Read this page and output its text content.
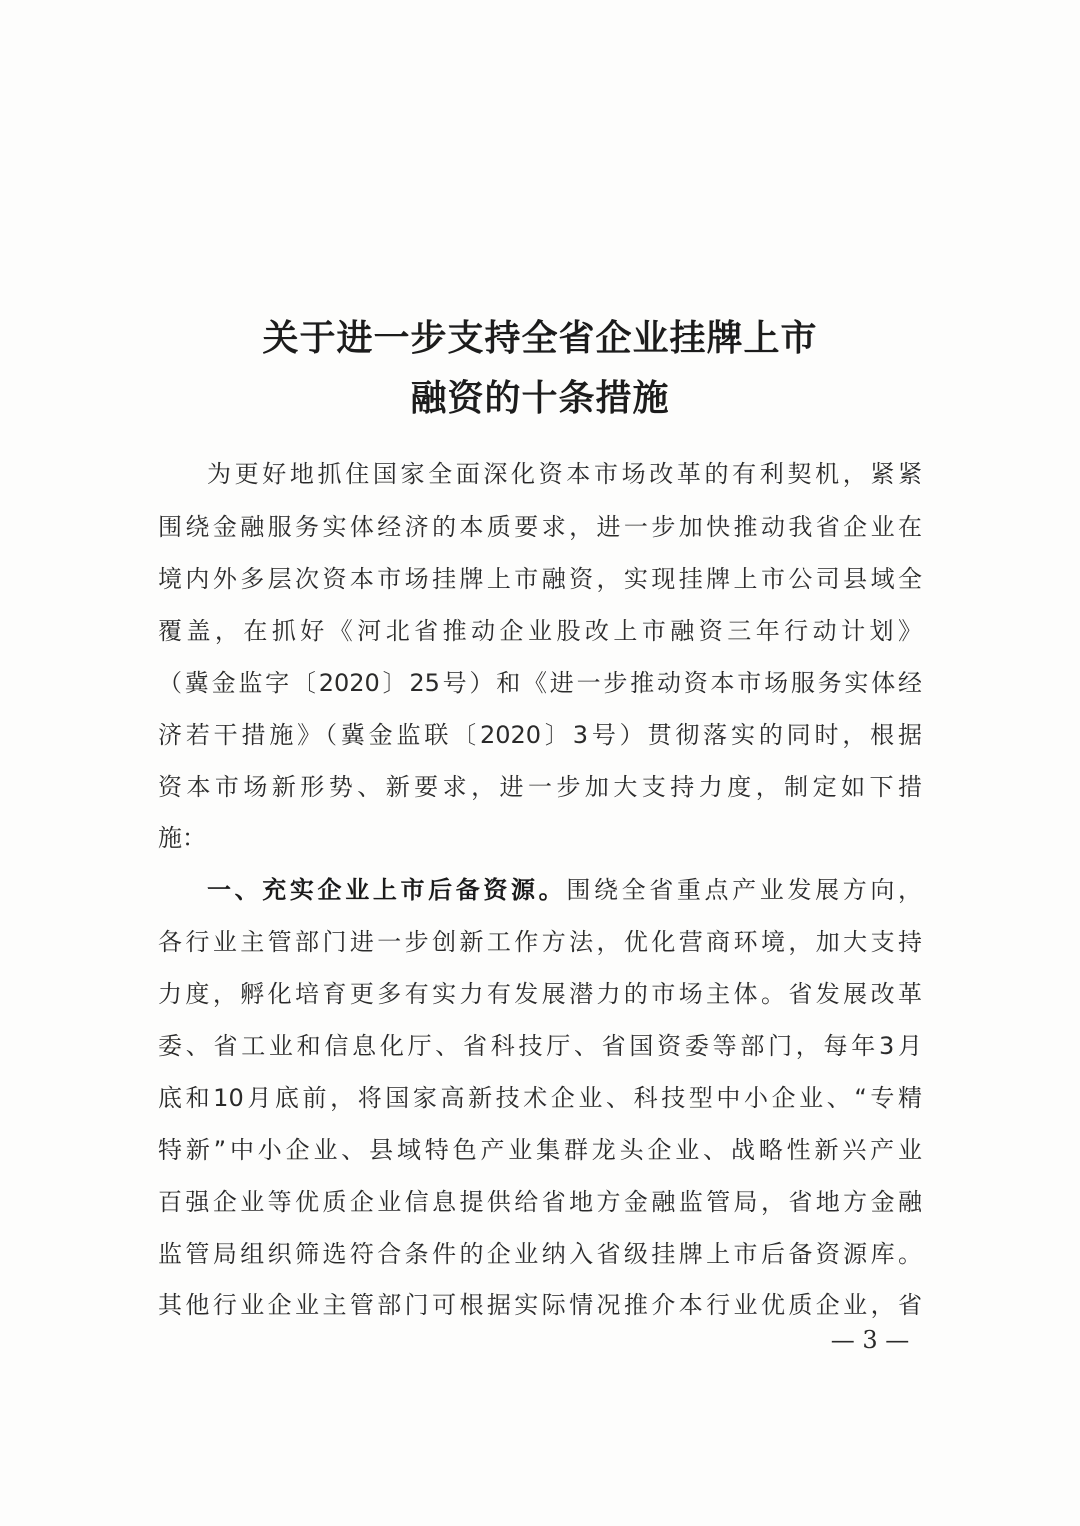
关于进一步支持全省企业挂牌上市
融资的十条措施
为更好地抓住国家全面深化资本市场改革的有利契机，紧紧
围绕金融服务实体经济的本质要求，进一步加快推动我省企业在
境内外多层次资本市场挂牌上市融资，实现挂牌上市公司县域全
覆盖，在抓好《河北省推动企业股改上市融资三年行动计划》
（冀金监字〔2020〕25号）和《进一步推动资本市场服务实体经
济若干措施》（冀金监联〔2020〕3号）贯彻落实的同时，根据
资本市场新形势、新要求，进一步加大支持力度，制定如下措
施：
一、充实企业上市后备资源。围绕全省重点产业发展方向，
各行业主管部门进一步创新工作方法，优化营商环境，加大支持
力度，孵化培育更多有实力有发展潜力的市场主体。省发展改革
委、省工业和信息化厅、省科技厅、省国资委等部门，每年3月
底和10月底前，将国家高新技术企业、科技型中小企业、“专精
特新”中小企业、县域特色产业集群龙头企业、战略性新兴产业
百强企业等优质企业信息提供给省地方金融监管局，省地方金融
监管局组织筛选符合条件的企业纳入省级挂牌上市后备资源库。
其他行业企业主管部门可根据实际情况推介本行业优质企业，省
— 3 —
